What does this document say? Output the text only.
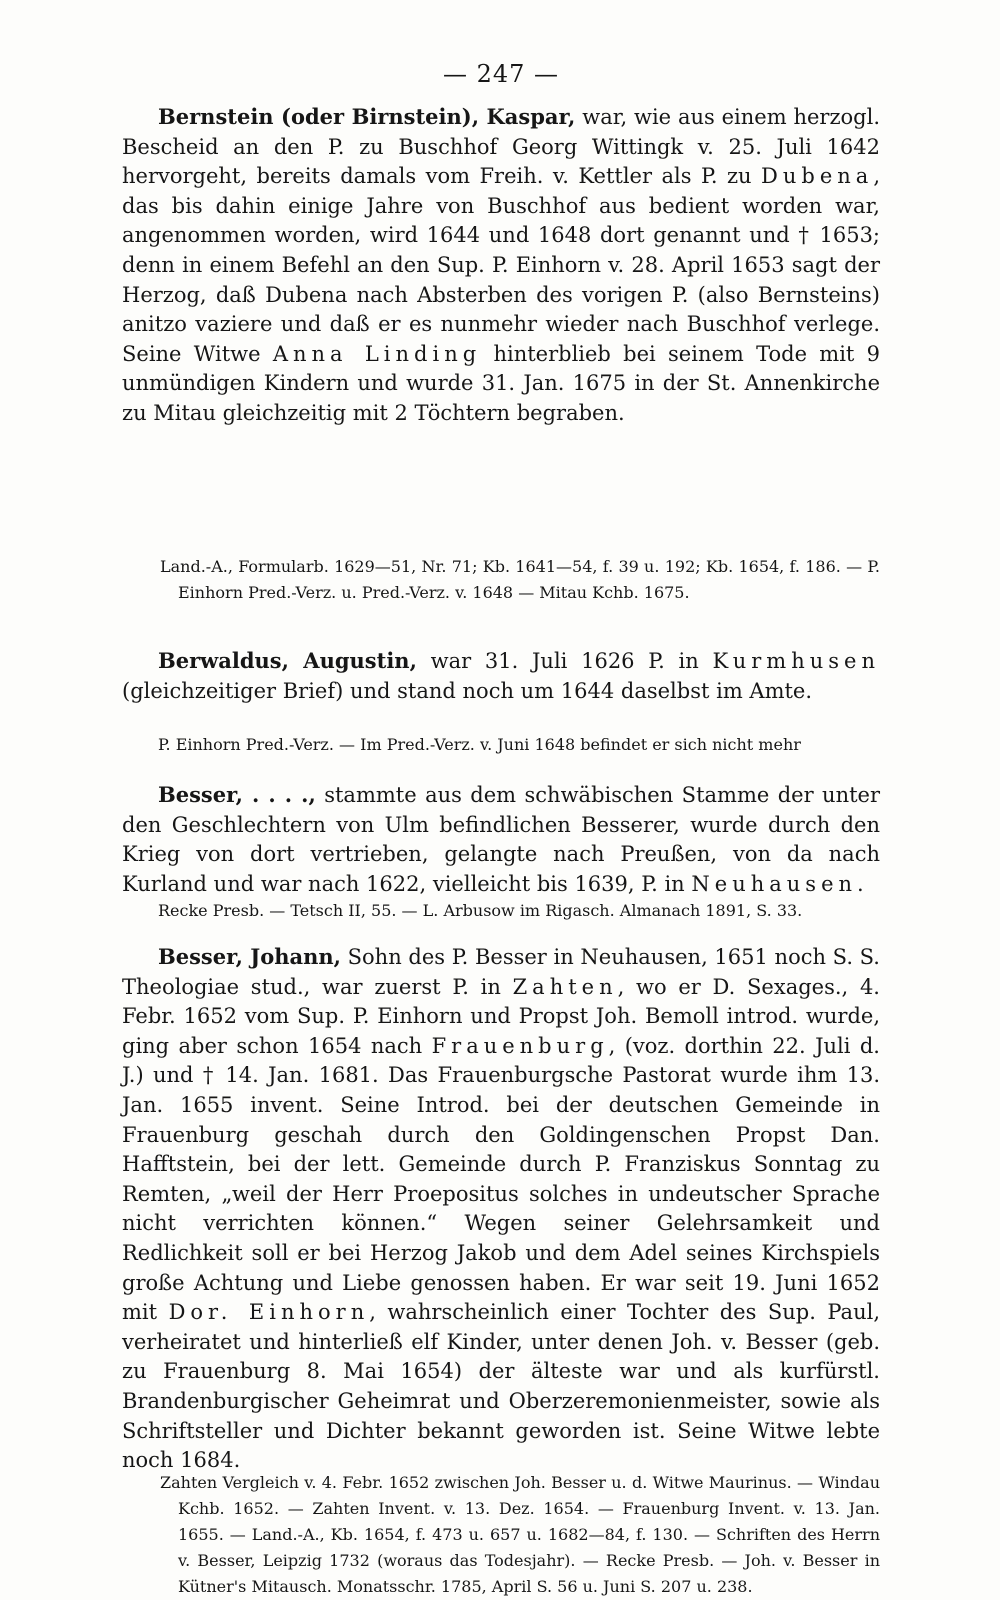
— 247 —

Bernstein (oder Birnstein), Kaspar, war, wie aus einem herzogl. Bescheid an den P. zu Buschhof Georg Wittingk v. 25. Juli 1642 hervorgeht, bereits damals vom Freih. v. Kettler als P. zu Dubena, das bis dahin einige Jahre von Buschhof aus bedient worden war, angenommen worden, wird 1644 und 1648 dort genannt und † 1653; denn in einem Befehl an den Sup. P. Einhorn v. 28. April 1653 sagt der Herzog, daß Dubena nach Absterben des vorigen P. (also Bernsteins) anitzo vaziere und daß er es nunmehr wieder nach Buschhof verlege. Seine Witwe Anna Linding hinterblieb bei seinem Tode mit 9 unmündigen Kindern und wurde 31. Jan. 1675 in der St. Annenkirche zu Mitau gleichzeitig mit 2 Töchtern begraben.

Land.-A., Formularb. 1629—51, Nr. 71; Kb. 1641—54, f. 39 u. 192; Kb. 1654, f. 186. — P. Einhorn Pred.-Verz. u. Pred.-Verz. v. 1648 — Mitau Kchb. 1675.

Berwaldus, Augustin, war 31. Juli 1626 P. in Kurmhusen (gleichzeitiger Brief) und stand noch um 1644 daselbst im Amte.

P. Einhorn Pred.-Verz. — Im Pred.-Verz. v. Juni 1648 befindet er sich nicht mehr

Besser, . . . ., stammte aus dem schwäbischen Stamme der unter den Geschlechtern von Ulm befindlichen Besserer, wurde durch den Krieg von dort vertrieben, gelangte nach Preußen, von da nach Kurland und war nach 1622, vielleicht bis 1639, P. in Neuhausen.

Recke Presb. — Tetsch II, 55. — L. Arbusow im Rigasch. Almanach 1891, S. 33.

Besser, Johann, Sohn des P. Besser in Neuhausen, 1651 noch S. S. Theologiae stud., war zuerst P. in Zahten, wo er D. Sexages., 4. Febr. 1652 vom Sup. P. Einhorn und Propst Joh. Bemoll introd. wurde, ging aber schon 1654 nach Frauenburg, (voz. dorthin 22. Juli d. J.) und † 14. Jan. 1681. Das Frauenburgsche Pastorat wurde ihm 13. Jan. 1655 invent. Seine Introd. bei der deutschen Gemeinde in Frauenburg geschah durch den Goldingenschen Propst Dan. Hafftstein, bei der lett. Gemeinde durch P. Franziskus Sonntag zu Remten, „weil der Herr Proepositus solches in undeutscher Sprache nicht verrichten können.“ Wegen seiner Gelehrsamkeit und Redlichkeit soll er bei Herzog Jakob und dem Adel seines Kirchspiels große Achtung und Liebe genossen haben. Er war seit 19. Juni 1652 mit Dor. Einhorn, wahrscheinlich einer Tochter des Sup. Paul, verheiratet und hinterließ elf Kinder, unter denen Joh. v. Besser (geb. zu Frauenburg 8. Mai 1654) der älteste war und als kurfürstl. Brandenburgischer Geheimrat und Oberzeremonienmeister, sowie als Schriftsteller und Dichter bekannt geworden ist. Seine Witwe lebte noch 1684.

Zahten Vergleich v. 4. Febr. 1652 zwischen Joh. Besser u. d. Witwe Maurinus. — Windau Kchb. 1652. — Zahten Invent. v. 13. Dez. 1654. — Frauenburg Invent. v. 13. Jan. 1655. — Land.-A., Kb. 1654, f. 473 u. 657 u. 1682—84, f. 130. — Schriften des Herrn v. Besser, Leipzig 1732 (woraus das Todesjahr). — Recke Presb. — Joh. v. Besser in Kütner's Mitausch. Monatsschr. 1785, April S. 56 u. Juni S. 207 u. 238.
